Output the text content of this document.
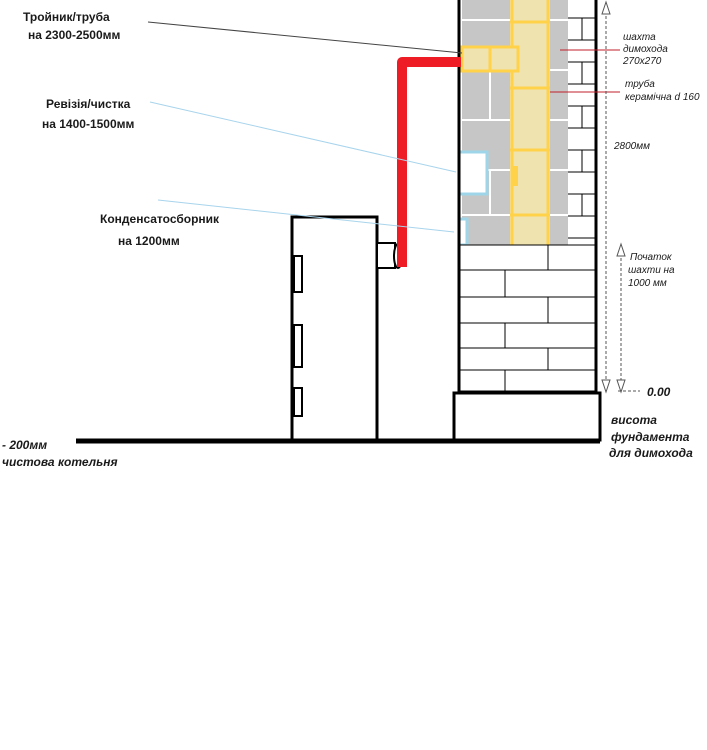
Тройник/труба
на 2300-2500мм
Ревізія/чистка
на 1400-1500мм
Конденсатосборник
на 1200мм
шахта
димохода
270х270
труба
керамічна d 160
2800мм
Початок
шахти на
1000 мм
0.00
висота
фундамента
для димохода
- 200мм
чистова котельня
